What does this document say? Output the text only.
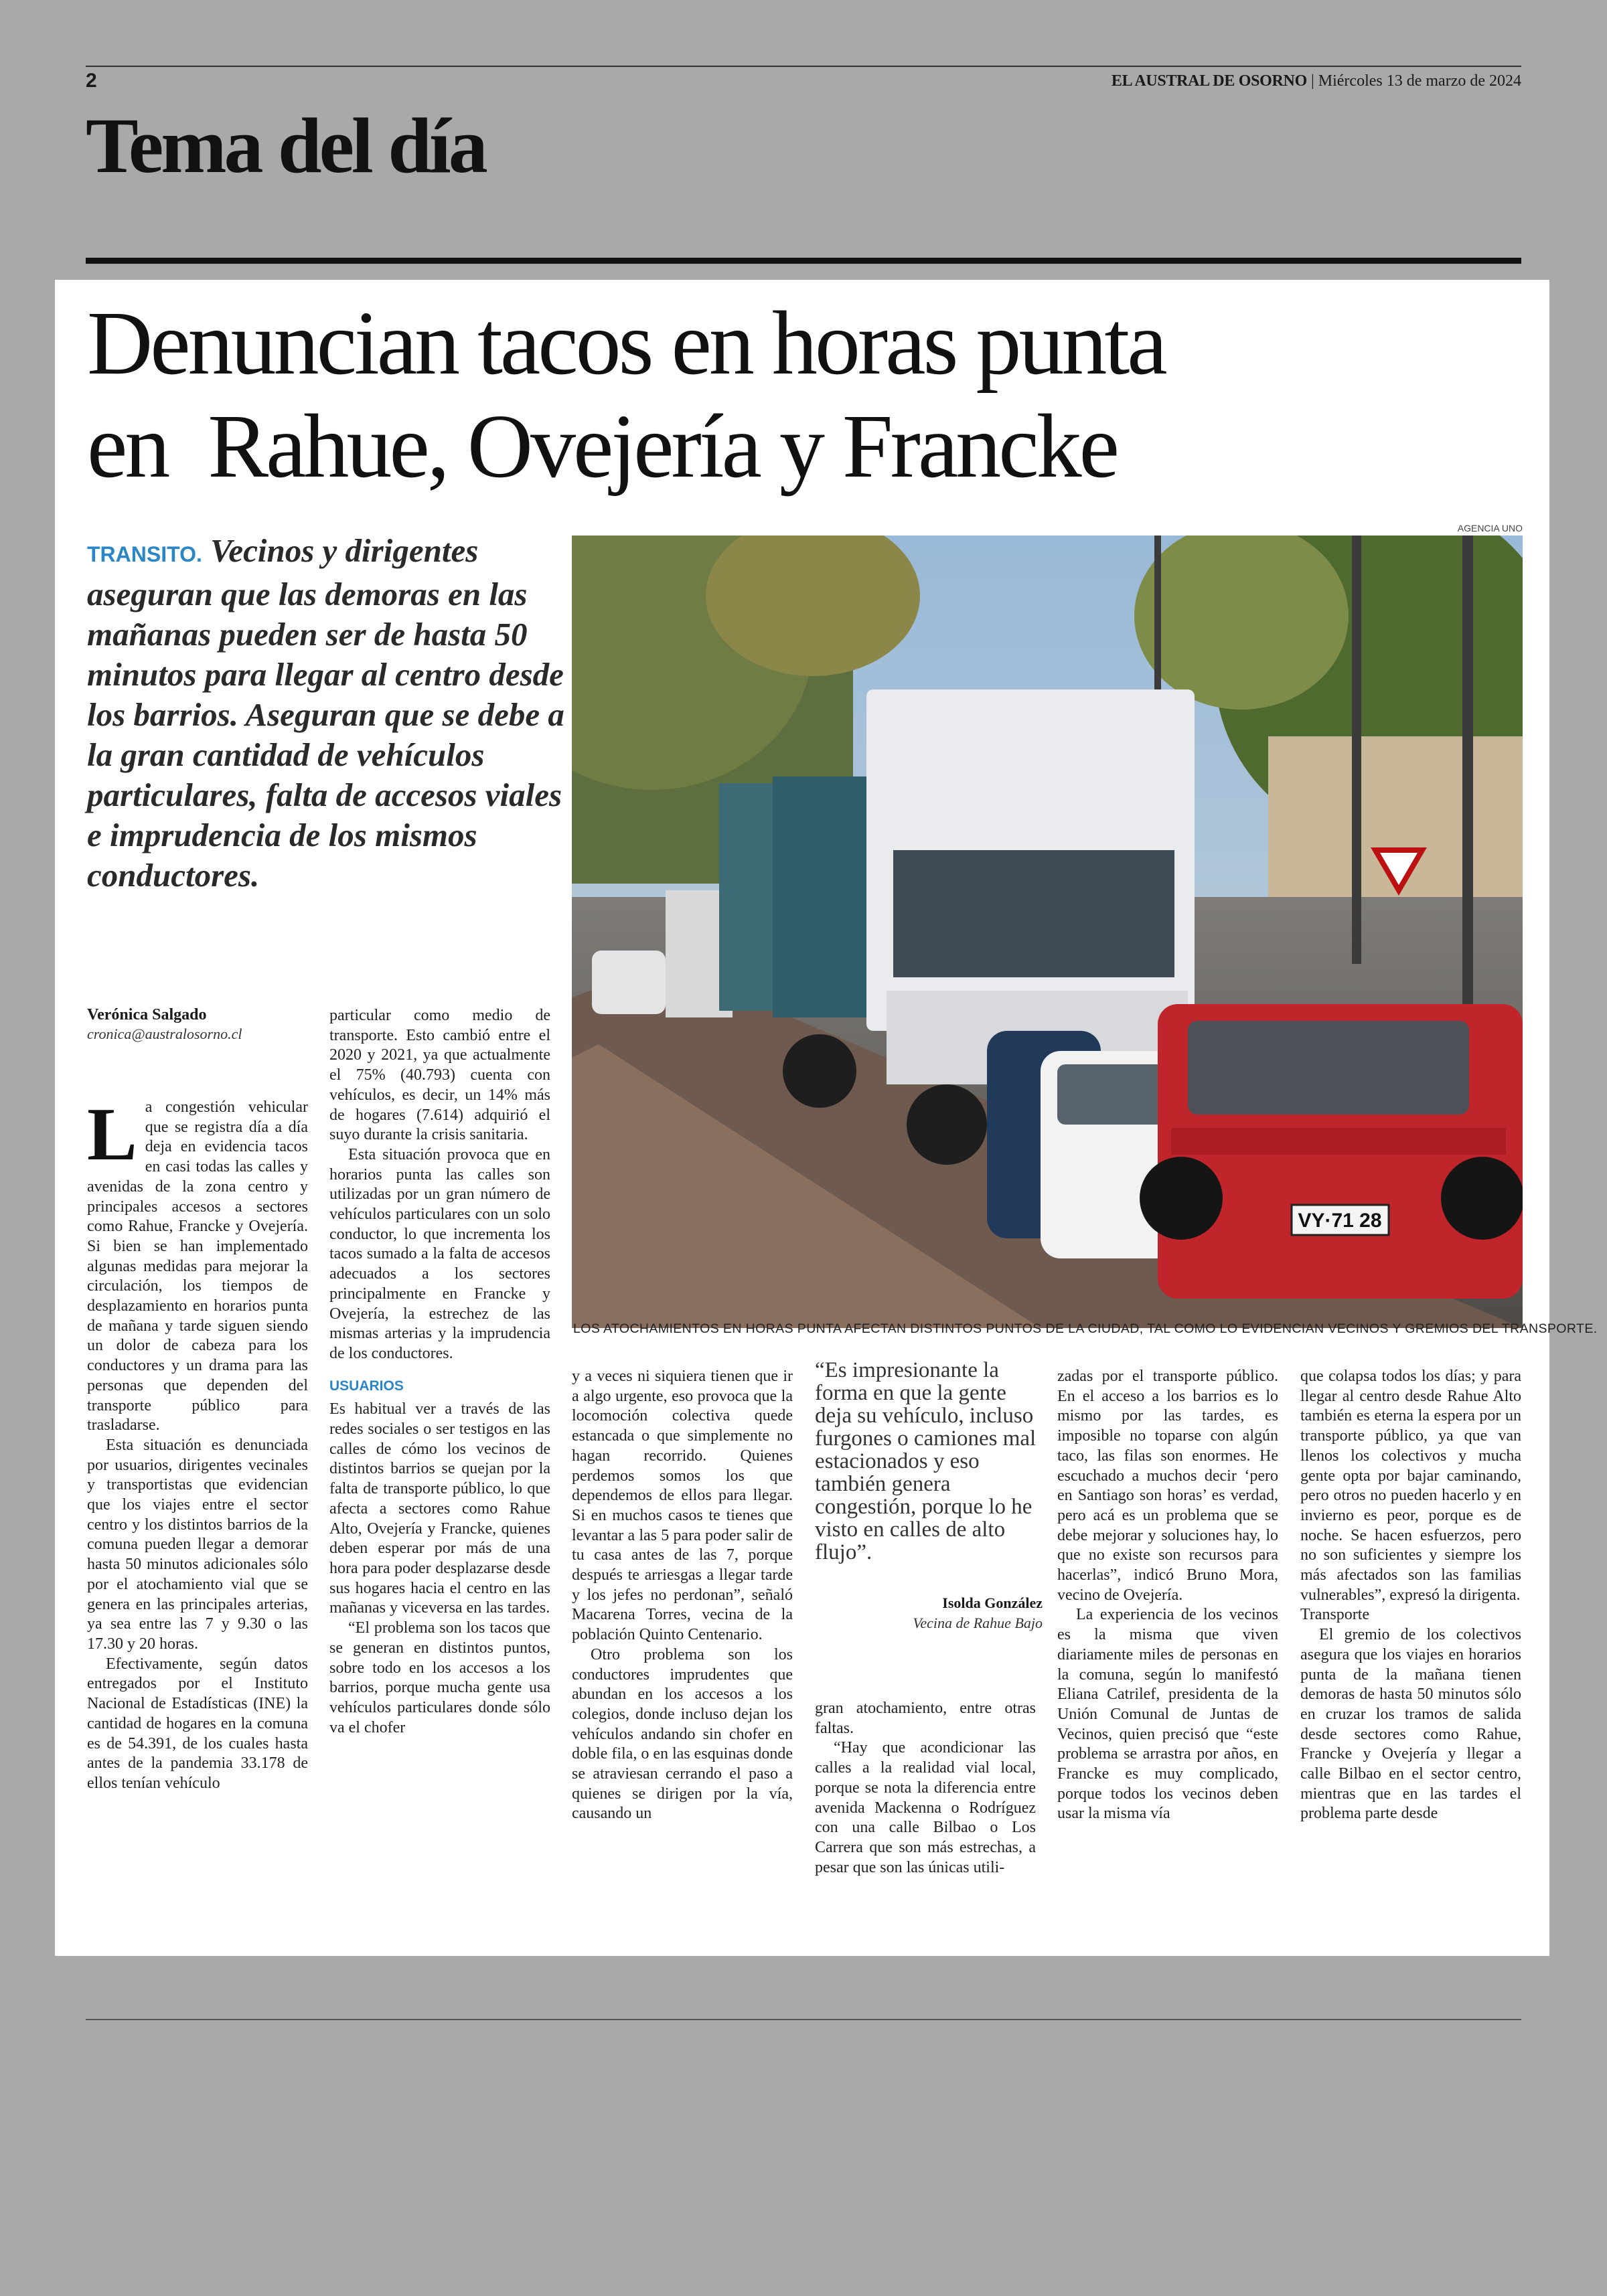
2	EL AUSTRAL DE OSORNO | Miércoles 13 de marzo de 2024
Tema del día
Denuncian tacos en horas punta
en  Rahue, Ovejería y Francke

TRANSITO. Vecinos y dirigentes aseguran que las demoras en las mañanas pueden ser de hasta 50 minutos para llegar al centro desde los barrios. Aseguran que se debe a la gran cantidad de vehículos particulares, falta de accesos viales e imprudencia de los mismos conductores.

Verónica Salgado
cronica@australosorno.cl
AGENCIA UNO
VY·71 28
LOS ATOCHAMIENTOS EN HORAS PUNTA AFECTAN DISTINTOS PUNTOS DE LA CIUDAD, TAL COMO LO EVIDENCIAN VECINOS Y GREMIOS DEL TRANSPORTE.

La congestión vehicular que se registra día a día deja en evidencia tacos en casi todas las calles y avenidas de la zona centro y principales accesos a sectores como Rahue, Francke y Ovejería. Si bien se han implementado algunas medidas para mejorar la circulación, los tiempos de desplazamiento en horarios punta de mañana y tarde siguen siendo un dolor de cabeza para los conductores y un drama para las personas que dependen del transporte público para trasladarse.

Esta situación es denunciada por usuarios, dirigentes vecinales y transportistas que evidencian que los viajes entre el sector centro y los distintos barrios de la comuna pueden llegar a demorar hasta 50 minutos adicionales sólo por el atochamiento vial que se genera en las principales arterias, ya sea entre las 7 y 9.30 o las 17.30 y 20 horas.

Efectivamente, según datos entregados por el Instituto Nacional de Estadísticas (INE) la cantidad de hogares en la comuna es de 54.391, de los cuales hasta antes de la pandemia 33.178 de ellos tenían vehículo

particular como medio de transporte. Esto cambió entre el 2020 y 2021, ya que actualmente el 75% (40.793) cuenta con vehículos, es decir, un 14% más de hogares (7.614) adquirió el suyo durante la crisis sanitaria.

Esta situación provoca que en horarios punta las calles son utilizadas por un gran número de vehículos particulares con un solo conductor, lo que incrementa los tacos sumado a la falta de accesos adecuados a los sectores principalmente en Francke y Ovejería, la estrechez de las mismas arterias y la imprudencia de los conductores.

USUARIOS

Es habitual ver a través de las redes sociales o ser testigos en las calles de cómo los vecinos de distintos barrios se quejan por la falta de transporte público, lo que afecta a sectores como Rahue Alto, Ovejería y Francke, quienes deben esperar por más de una hora para poder desplazarse desde sus hogares hacia el centro en las mañanas y viceversa en las tardes.

“El problema son los tacos que se generan en distintos puntos, sobre todo en los accesos a los barrios, porque mucha gente usa vehículos particulares donde sólo va el chofer

y a veces ni siquiera tienen que ir a algo urgente, eso provoca que la locomoción colectiva quede estancada o que simplemente no hagan recorrido. Quienes perdemos somos los que dependemos de ellos para llegar. Si en muchos casos te tienes que levantar a las 5 para poder salir de tu casa antes de las 7, porque después te arriesgas a llegar tarde y los jefes no perdonan”, señaló Macarena Torres, vecina de la población Quinto Centenario.

Otro problema son los conductores imprudentes que abundan en los accesos a los colegios, donde incluso dejan los vehículos andando sin chofer en doble fila, o en las esquinas donde se atraviesan cerrando el paso a quienes se dirigen por la vía, causando un

“Es impresionante la forma en que la gente deja su vehículo, incluso furgones o camiones mal estacionados y eso también genera congestión, porque lo he visto en calles de alto flujo”.

Isolda González
Vecina de Rahue Bajo

gran atochamiento, entre otras faltas.

“Hay que acondicionar las calles a la realidad vial local, porque se nota la diferencia entre avenida Mackenna o Rodríguez con una calle Bilbao o Los Carrera que son más estrechas, a pesar que son las únicas utili-

zadas por el transporte público. En el acceso a los barrios es lo mismo por las tardes, es imposible no toparse con algún taco, las filas son enormes. He escuchado a muchos decir ‘pero en Santiago son horas’ es verdad, pero acá es un problema que se debe mejorar y soluciones hay, lo que no existe son recursos para hacerlas”, indicó Bruno Mora, vecino de Ovejería.

La experiencia de los vecinos es la misma que viven diariamente miles de personas en la comuna, según lo manifestó Eliana Catrilef, presidenta de la Unión Comunal de Juntas de Vecinos, quien precisó que “este problema se arrastra por años, en Francke es muy complicado, porque todos los vecinos deben usar la misma vía

que colapsa todos los días; y para llegar al centro desde Rahue Alto también es eterna la espera por un transporte público, ya que van llenos los colectivos y mucha gente opta por bajar caminando, pero otros no pueden hacerlo y en invierno es peor, porque es de noche. Se hacen esfuerzos, pero no son suficientes y siempre los más afectados son las familias vulnerables”, expresó la dirigenta.

Transporte

El gremio de los colectivos asegura que los viajes en horarios punta de la mañana tienen demoras de hasta 50 minutos sólo en cruzar los tramos de salida desde sectores como Rahue, Francke y Ovejería y llegar a calle Bilbao en el sector centro, mientras que en las tardes el problema parte desde
